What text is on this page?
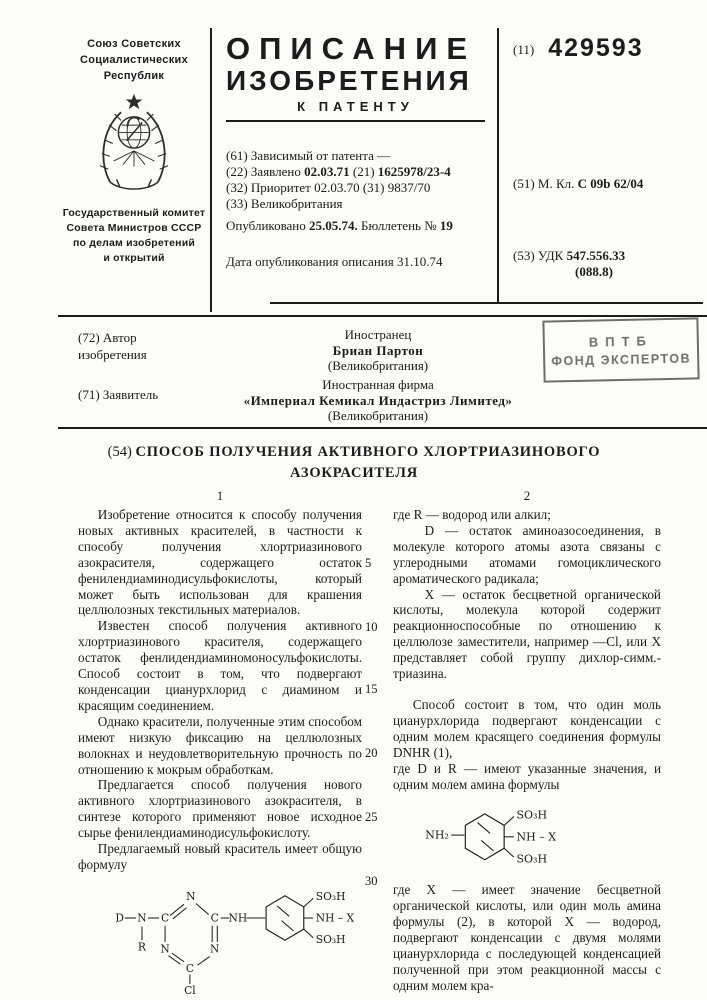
Союз Советских
Социалистических
Республик
Государственный комитет
Совета Министров СССР
по делам изобретений
и открытий
ОПИСАНИЕ
ИЗОБРЕТЕНИЯ
К ПАТЕНТУ
(61) Зависимый от патента —
(22) Заявлено 02.03.71 (21) 1625978/23-4
(32) Приоритет 02.03.70 (31) 9837/70
(33) Великобритания
Опубликовано 25.05.74. Бюллетень № 19
Дата опубликования описания 31.10.74
(11) 429593
(51) М. Кл. C 09b 62/04
(53) УДК 547.556.33
(088.8)
(72) Автор
изобретения
Иностранец
Бриан Партон
(Великобритания)
(71) Заявитель
Иностранная фирма
«Империал Кемикал Индастриз Лимитед»
(Великобритания)
ВПТБ
ФОНД ЭКСПЕРТОВ
(54) СПОСОБ ПОЛУЧЕНИЯ АКТИВНОГО ХЛОРТРИАЗИНОВОГО АЗОКРАСИТЕЛЯ
1

Изобретение относится к способу получения новых активных красителей, в частности к способу получения хлортриазинового азокрасителя, содержащего остаток фенилендиаминодисульфокислоты, который может быть использован для крашения целлюлозных текстильных материалов.

Известен способ получения активного хлортриазинового красителя, содержащего остаток фенлидендиаминомоносульфокислоты. Способ состоит в том, что подвергают конденсации цианурхлорид с диамином и красящим соединением.

Однако красители, полученные этим способом имеют низкую фиксацию на целлюлозных волокнах и неудовлетворительную прочность по отношению к мокрым обработкам.

Предлагается способ получения нового активного хлортриазинового азокрасителя, в синтезе которого применяют новое исходное сырье фенилендиаминодисульфокислоту.

Предлагаемый новый краситель имеет общую формулу

D N
R
C
N
C NH
N	N
C
Cl
SO₃H
NH – X
SO₃H
5
10
15
20
25
30
2

где R — водород или алкил;

D — остаток аминоазосоединения, в молекуле которого атомы азота связаны с углеродными атомами гомоциклического ароматического радикала;

X — остаток бесцветной органической кислоты, молекула которой содержит реакционноспособные по отношению к целлюлозе заместители, например —Cl, или X представляет собой группу дихлор-симм.-триазина.

Способ состоит в том, что один моль цианурхлорида подвергают конденсации с одним молем красящего соединения формулы DNHR (1),

где D и R — имеют указанные значения, и одним молем амина формулы

NH₂
SO₃H
NH – X
SO₃H

где X — имеет значение бесцветной органической кислоты, или один моль амина формулы (2), в которой X — водород, подвергают конденсации с двумя молями цианурхлорида с последующей конденсацией полученной при этом реакционной массы с одним молем кра-
